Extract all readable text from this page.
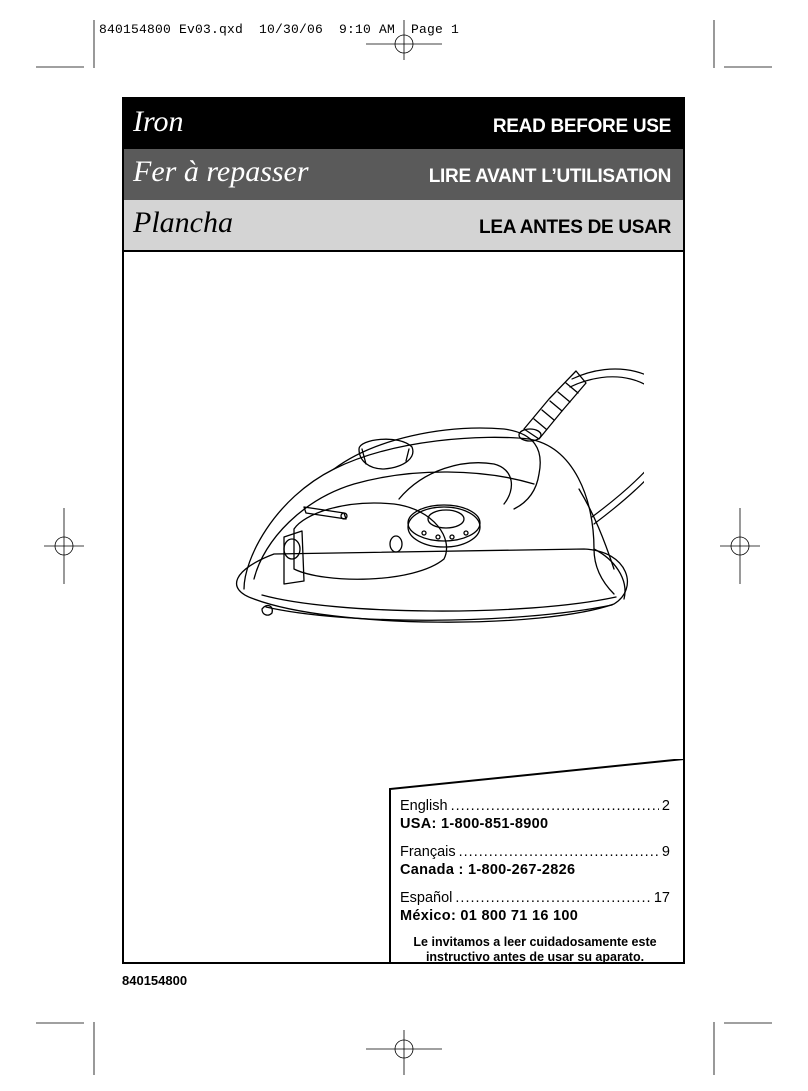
840154800 Ev03.qxd  10/30/06  9:10 AM  Page 1
Iron	READ BEFORE USE
Fer à repasser	LIRE AVANT L’UTILISATION
Plancha	LEA ANTES DE USAR
English .....	2
USA: 1-800-851-8900
Français .....	9
Canada : 1-800-267-2826
Español .....	17
México: 01 800 71 16 100
Le invitamos a leer cuidadosamente este instructivo antes de usar su aparato.
840154800
